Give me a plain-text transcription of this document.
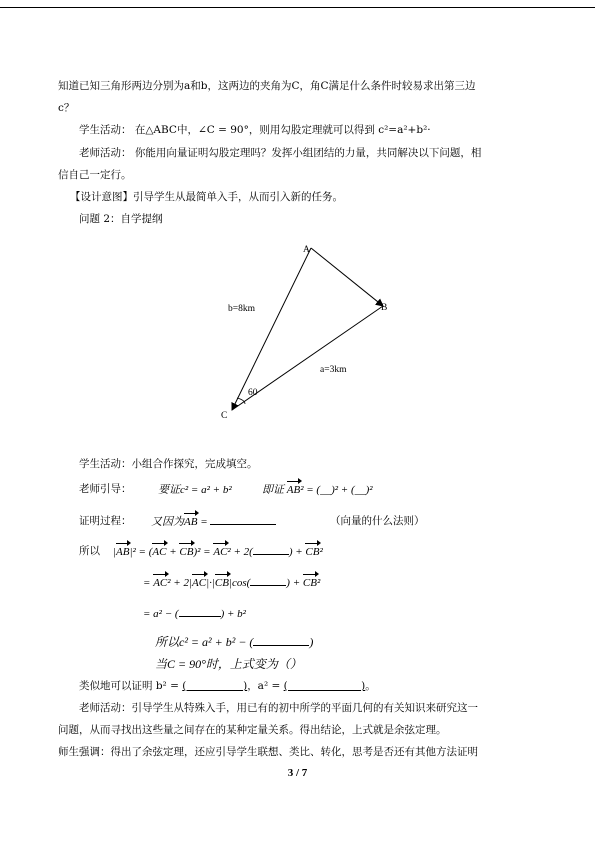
知道已知三角形两边分别为a和b，这两边的夹角为C，角C满足什么条件时较易求出第三边
c？
学生活动： 在△ABC中，∠C = 90°，则用勾股定理就可以得到 c²=a²+b²·
老师活动： 你能用向量证明勾股定理吗？发挥小组团结的力量，共同解决以下问题，相
信自己一定行。
【设计意图】引导学生从最简单入手，从而引入新的任务。
问题 2：自学提纲
A
B
C
b=8km
a=3km
60
学生活动：小组合作探究，完成填空。
老师引导： 要证c² = a² + b²	即证 AB² = (__)² + (__)²
证明过程： 又因为AB =	（向量的什么法则）
所以 |AB|² = (AC + CB)² = AC² + 2(	) + CB²
= AC² + 2|AC|·|CB|cos(	) + CB²
= a² − (	) + b²
所以c² = a² + b² − (	)
当C = 90°时，上式变为（）
类似地可以证明 b² = (                 )，a² = (                      )。
老师活动：引导学生从特殊入手，用已有的初中所学的平面几何的有关知识来研究这一
问题，从而寻找出这些量之间存在的某种定量关系。得出结论，上式就是余弦定理。
师生强调：得出了余弦定理，还应引导学生联想、类比、转化，思考是否还有其他方法证明
3 / 7
